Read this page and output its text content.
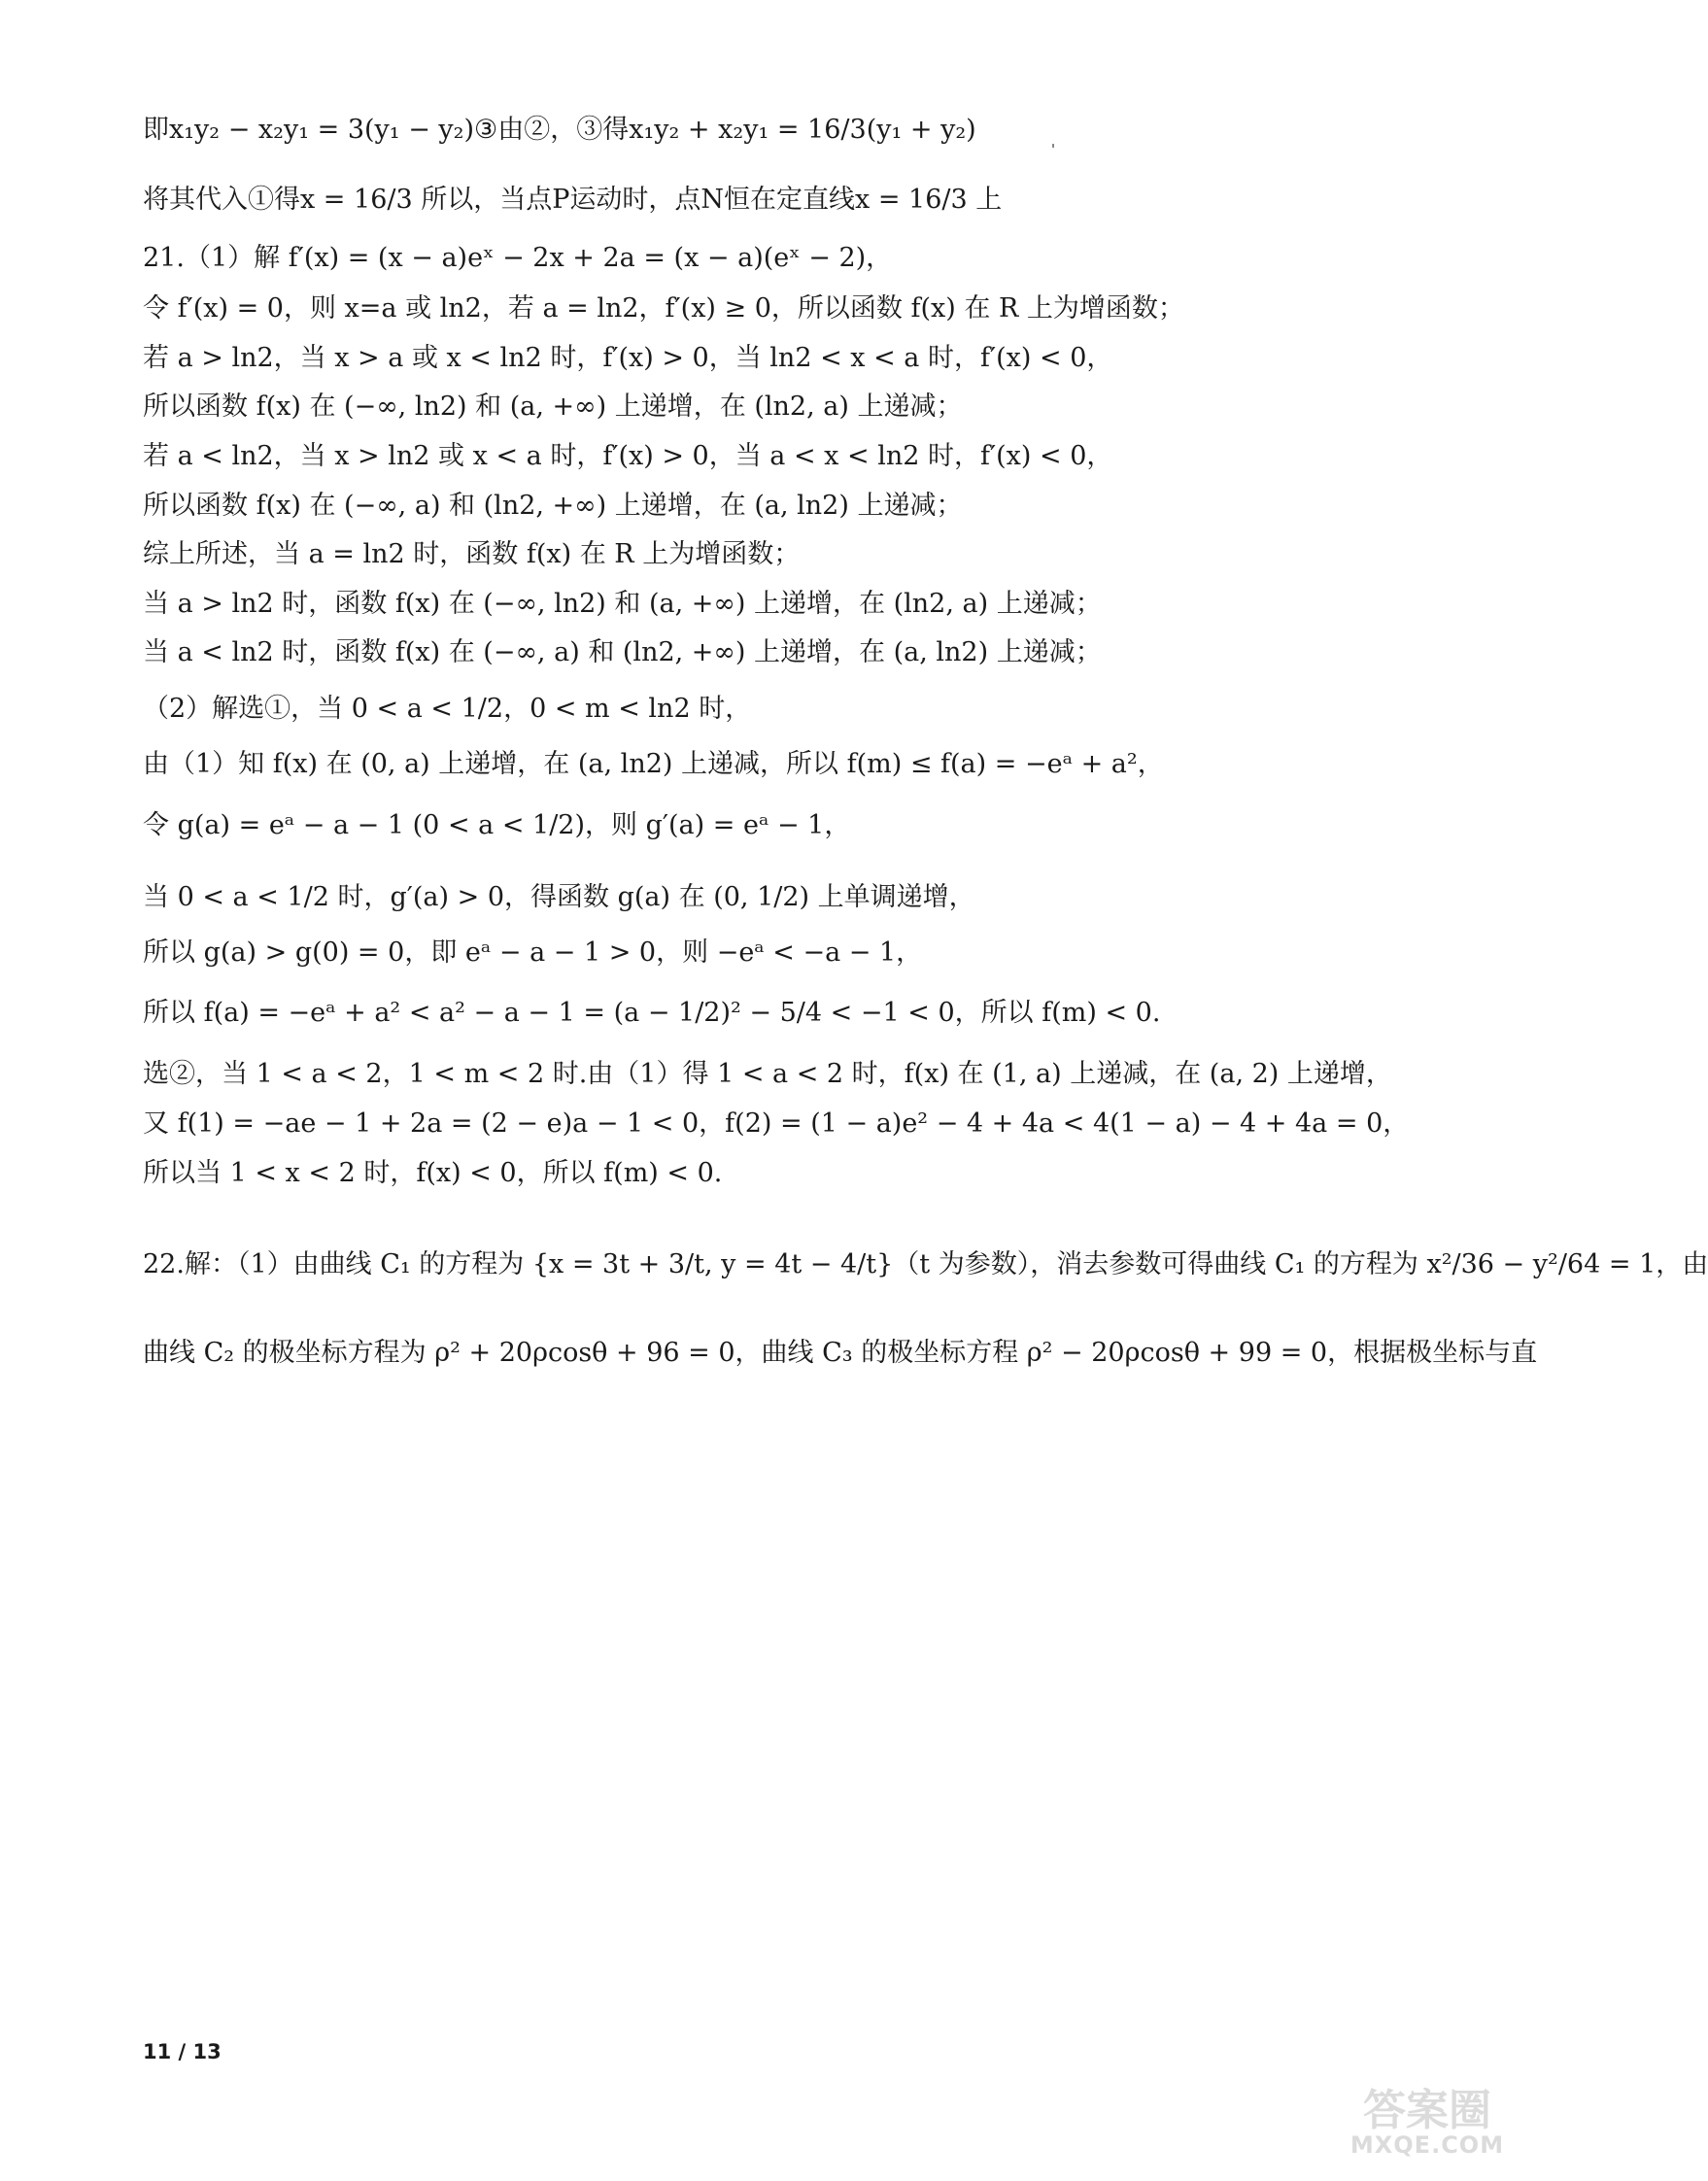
即x₁y₂ − x₂y₁ = 3(y₁ − y₂)③由②，③得x₁y₂ + x₂y₁ = 16/3(y₁ + y₂)
将其代入①得x = 16/3 所以，当点P运动时，点N恒在定直线x = 16/3 上
21.（1）解 f′(x) = (x − a)eˣ − 2x + 2a = (x − a)(eˣ − 2)，
令 f′(x) = 0，则 x=a 或 ln2，若 a = ln2，f′(x) ≥ 0，所以函数 f(x) 在 R 上为增函数；
若 a > ln2，当 x > a 或 x < ln2 时，f′(x) > 0，当 ln2 < x < a 时，f′(x) < 0，
所以函数 f(x) 在 (−∞, ln2) 和 (a, +∞) 上递增，在 (ln2, a) 上递减；
若 a < ln2，当 x > ln2 或 x < a 时，f′(x) > 0，当 a < x < ln2 时，f′(x) < 0，
所以函数 f(x) 在 (−∞, a) 和 (ln2, +∞) 上递增，在 (a, ln2) 上递减；
综上所述，当 a = ln2 时，函数 f(x) 在 R 上为增函数；
当 a > ln2 时，函数 f(x) 在 (−∞, ln2) 和 (a, +∞) 上递增，在 (ln2, a) 上递减；
当 a < ln2 时，函数 f(x) 在 (−∞, a) 和 (ln2, +∞) 上递增，在 (a, ln2) 上递减；
（2）解选①，当 0 < a < 1/2，0 < m < ln2 时，
由（1）知 f(x) 在 (0, a) 上递增，在 (a, ln2) 上递减，所以 f(m) ≤ f(a) = −eᵃ + a²，
令 g(a) = eᵃ − a − 1 (0 < a < 1/2)，则 g′(a) = eᵃ − 1，
当 0 < a < 1/2 时，g′(a) > 0，得函数 g(a) 在 (0, 1/2) 上单调递增，
所以 g(a) > g(0) = 0，即 eᵃ − a − 1 > 0，则 −eᵃ < −a − 1，
所以 f(a) = −eᵃ + a² < a² − a − 1 = (a − 1/2)² − 5/4 < −1 < 0，所以 f(m) < 0.
选②，当 1 < a < 2，1 < m < 2 时.由（1）得 1 < a < 2 时，f(x) 在 (1, a) 上递减，在 (a, 2) 上递增，
又 f(1) = −ae − 1 + 2a = (2 − e)a − 1 < 0，f(2) = (1 − a)e² − 4 + 4a < 4(1 − a) − 4 + 4a = 0，
所以当 1 < x < 2 时，f(x) < 0，所以 f(m) < 0.
22.解：（1）由曲线 C₁ 的方程为 {x = 3t + 3/t, y = 4t − 4/t}（t 为参数），消去参数可得曲线 C₁ 的方程为 x²/36 − y²/64 = 1，由
曲线 C₂ 的极坐标方程为 ρ² + 20ρcosθ + 96 = 0，曲线 C₃ 的极坐标方程 ρ² − 20ρcosθ + 99 = 0，根据极坐标与直
11 / 13
答案圈
MXQE.COM
